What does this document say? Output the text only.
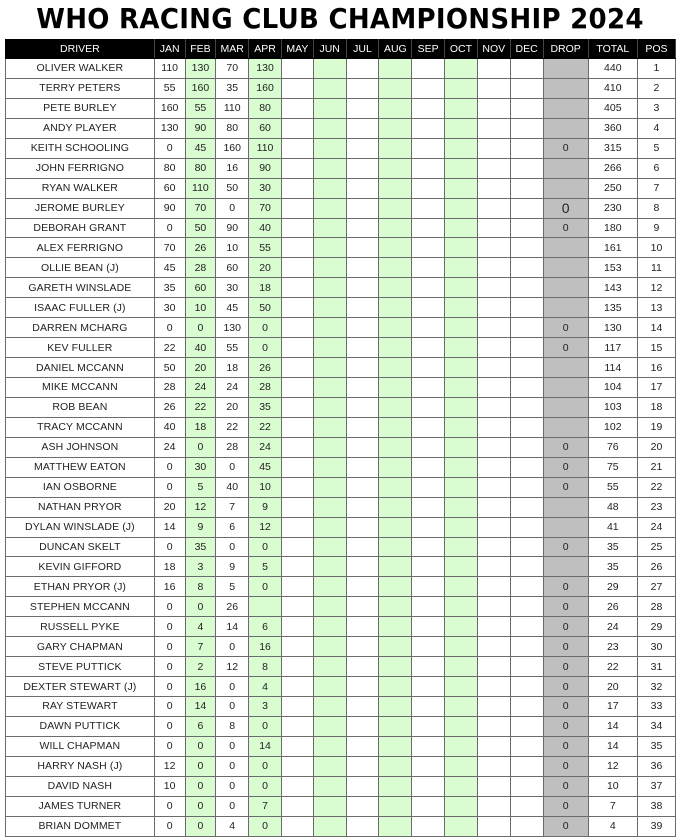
WHO RACING CLUB CHAMPIONSHIP 2024
DRIVER	JAN	FEB	MAR	APR	MAY	JUN	JUL	AUG	SEP	OCT	NOV	DEC	DROP	TOTAL	POS
OLIVER WALKER	110	130	70	130										440	1
TERRY PETERS	55	160	35	160										410	2
PETE BURLEY	160	55	110	80										405	3
ANDY PLAYER	130	90	80	60										360	4
KEITH SCHOOLING	0	45	160	110									0	315	5
JOHN FERRIGNO	80	80	16	90										266	6
RYAN WALKER	60	110	50	30										250	7
JEROME BURLEY	90	70	0	70									0	230	8
DEBORAH GRANT	0	50	90	40									0	180	9
ALEX FERRIGNO	70	26	10	55										161	10
OLLIE BEAN (J)	45	28	60	20										153	11
GARETH WINSLADE	35	60	30	18										143	12
ISAAC FULLER (J)	30	10	45	50										135	13
DARREN MCHARG	0	0	130	0									0	130	14
KEV FULLER	22	40	55	0									0	117	15
DANIEL MCCANN	50	20	18	26										114	16
MIKE MCCANN	28	24	24	28										104	17
ROB BEAN	26	22	20	35										103	18
TRACY MCCANN	40	18	22	22										102	19
ASH JOHNSON	24	0	28	24									0	76	20
MATTHEW EATON	0	30	0	45									0	75	21
IAN OSBORNE	0	5	40	10									0	55	22
NATHAN PRYOR	20	12	7	9										48	23
DYLAN WINSLADE (J)	14	9	6	12										41	24
DUNCAN SKELT	0	35	0	0									0	35	25
KEVIN GIFFORD	18	3	9	5										35	26
ETHAN PRYOR (J)	16	8	5	0									0	29	27
STEPHEN MCCANN	0	0	26										0	26	28
RUSSELL PYKE	0	4	14	6									0	24	29
GARY CHAPMAN	0	7	0	16									0	23	30
STEVE PUTTICK	0	2	12	8									0	22	31
DEXTER STEWART (J)	0	16	0	4									0	20	32
RAY STEWART	0	14	0	3									0	17	33
DAWN PUTTICK	0	6	8	0									0	14	34
WILL CHAPMAN	0	0	0	14									0	14	35
HARRY NASH (J)	12	0	0	0									0	12	36
DAVID NASH	10	0	0	0									0	10	37
JAMES TURNER	0	0	0	7									0	7	38
BRIAN DOMMET	0	0	4	0									0	4	39
